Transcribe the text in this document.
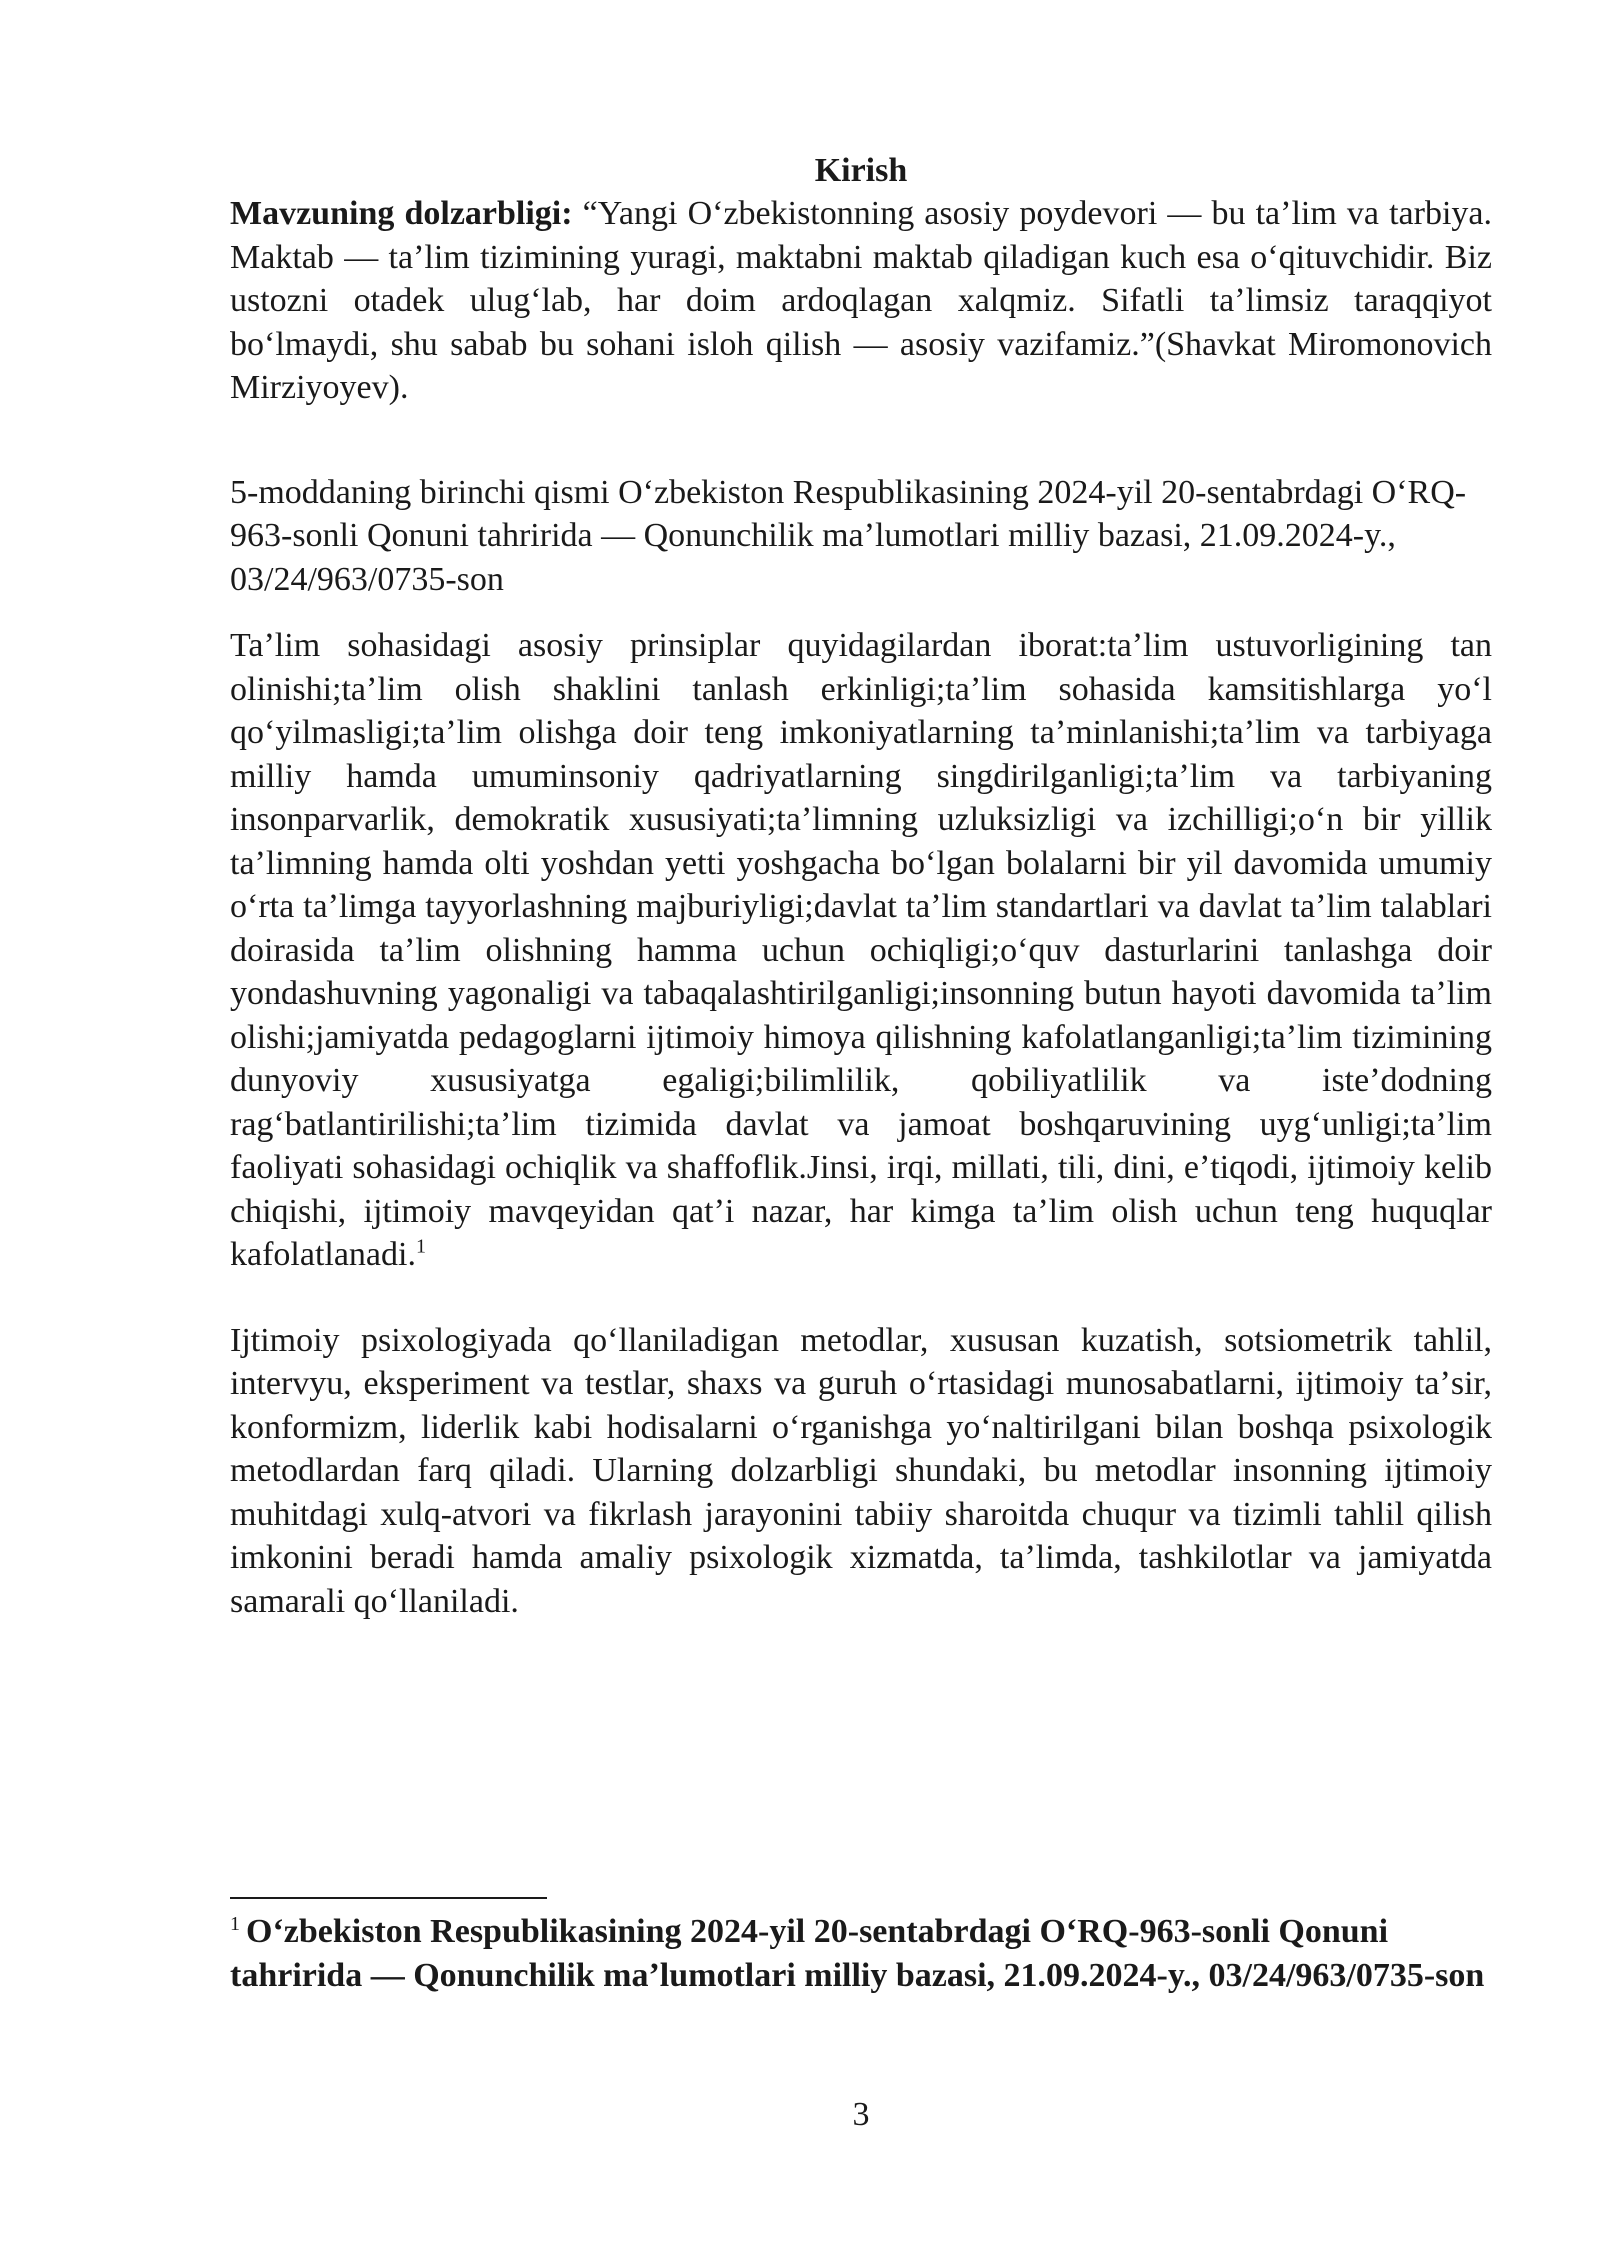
Kirish

Mavzuning dolzarbligi: “Yangi Oʻzbekistonning asosiy poydevori — bu taʼlim va tarbiya. Maktab — taʼlim tizimining yuragi, maktabni maktab qiladigan kuch esa oʻqituvchidir. Biz ustozni otadek ulugʻlab, har doim ardoqlagan xalqmiz. Sifatli taʼlimsiz taraqqiyot boʻlmaydi, shu sabab bu sohani isloh qilish — asosiy vazifamiz.”(Shavkat Miromonovich Mirziyoyev).

5-moddaning birinchi qismi Oʻzbekiston Respublikasining 2024-yil 20-sentabrdagi OʻRQ-963-sonli Qonuni tahririda — Qonunchilik maʼlumotlari milliy bazasi, 21.09.2024-y., 03/24/963/0735-son

Taʼlim sohasidagi asosiy prinsiplar quyidagilardan iborat:taʼlim ustuvorligining tan olinishi;taʼlim olish shaklini tanlash erkinligi;taʼlim sohasida kamsitishlarga yoʻl qoʻyilmasligi;taʼlim olishga doir teng imkoniyatlarning taʼminlanishi;taʼlim va tarbiyaga milliy hamda umuminsoniy qadriyatlarning singdirilganligi;taʼlim va tarbiyaning insonparvarlik, demokratik xususiyati;taʼlimning uzluksizligi va izchilligi;oʻn bir yillik taʼlimning hamda olti yoshdan yetti yoshgacha boʻlgan bolalarni bir yil davomida umumiy oʻrta taʼlimga tayyorlashning majburiyligi;davlat taʼlim standartlari va davlat taʼlim talablari doirasida taʼlim olishning hamma uchun ochiqligi;oʻquv dasturlarini tanlashga doir yondashuvning yagonaligi va tabaqalashtirilganligi;insonning butun hayoti davomida taʼlim olishi;jamiyatda pedagoglarni ijtimoiy himoya qilishning kafolatlanganligi;taʼlim tizimining dunyoviy xususiyatga egaligi;bilimlilik, qobiliyatlilik va isteʼdodning ragʻbatlantirilishi;taʼlim tizimida davlat va jamoat boshqaruvining uygʻunligi;taʼlim faoliyati sohasidagi ochiqlik va shaffoflik.Jinsi, irqi, millati, tili, dini, eʼtiqodi, ijtimoiy kelib chiqishi, ijtimoiy mavqeyidan qatʼi nazar, har kimga taʼlim olish uchun teng huquqlar kafolatlanadi.$^1$

Ijtimoiy psixologiyada qoʻllaniladigan metodlar, xususan kuzatish, sotsiometrik tahlil, intervyu, eksperiment va testlar, shaxs va guruh oʻrtasidagi munosabatlarni, ijtimoiy taʼsir, konformizm, liderlik kabi hodisalarni oʻrganishga yoʻnaltirilgani bilan boshqa psixologik metodlardan farq qiladi. Ularning dolzarbligi shundaki, bu metodlar insonning ijtimoiy muhitdagi xulq-atvori va fikrlash jarayonini tabiiy sharoitda chuqur va tizimli tahlil qilish imkonini beradi hamda amaliy psixologik xizmatda, taʼlimda, tashkilotlar va jamiyatda samarali qoʻllaniladi.

$^1$ Oʻzbekiston Respublikasining 2024-yil 20-sentabrdagi OʻRQ-963-sonli Qonuni tahririda — Qonunchilik maʼlumotlari milliy bazasi, 21.09.2024-y., 03/24/963/0735-son

3
